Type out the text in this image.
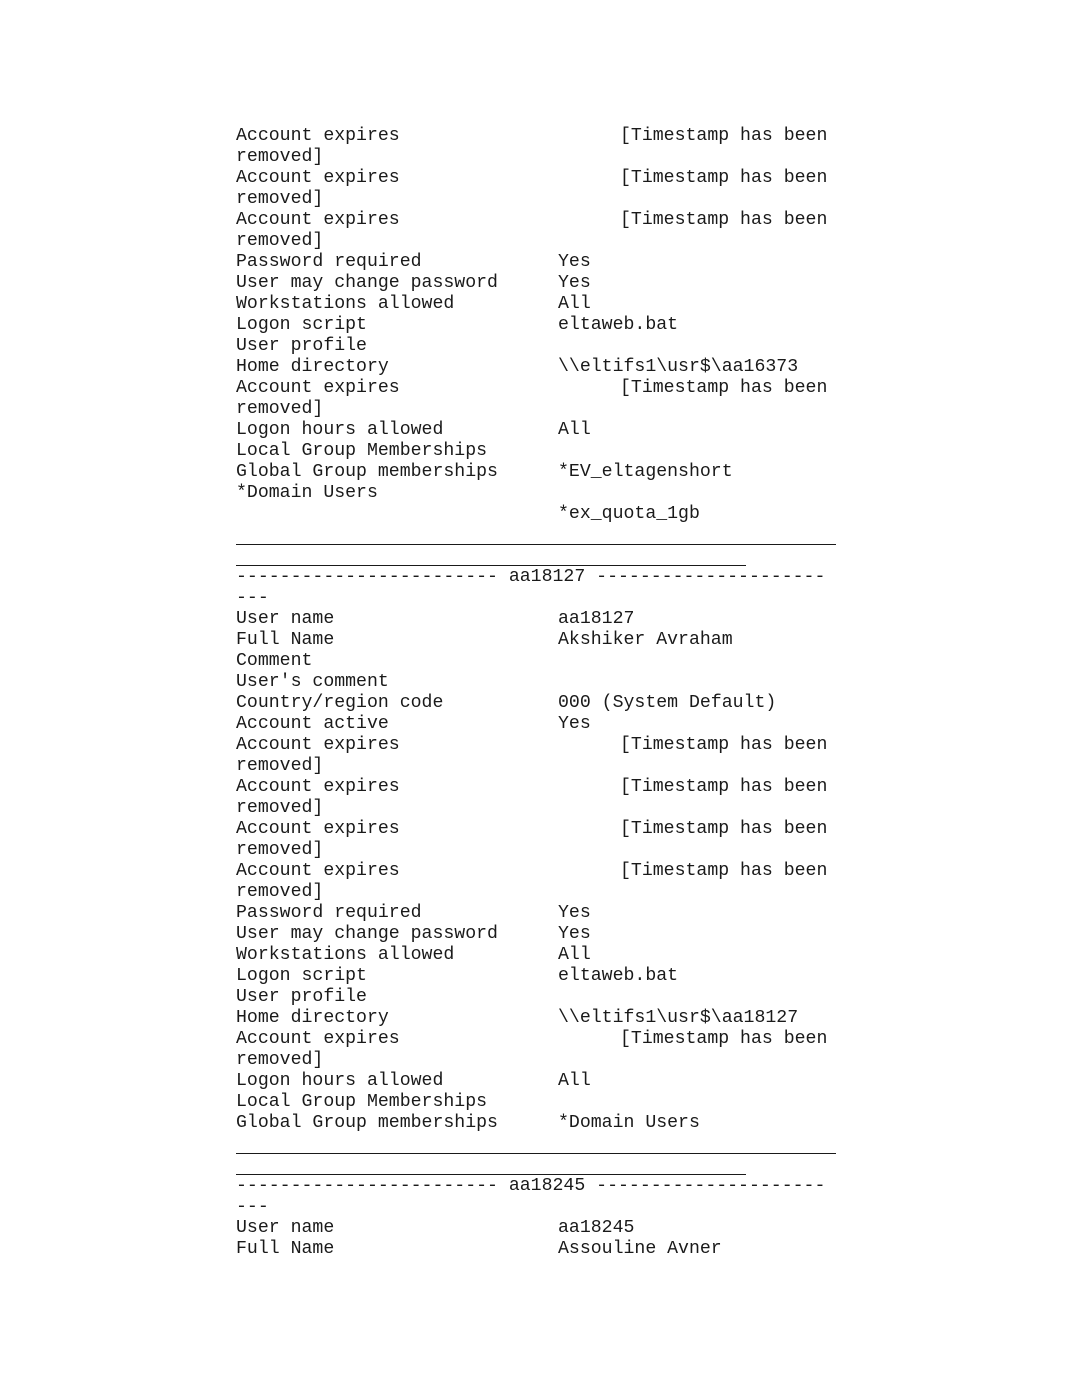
Account expires	[Timestamp has been
removed]
Account expires	[Timestamp has been
removed]
Account expires	[Timestamp has been
removed]
Password required	Yes
User may change password	Yes
Workstations allowed	All
Logon script	eltaweb.bat
User profile
Home directory	\\eltifs1\usr$\aa16373
Account expires	[Timestamp has been
removed]
Logon hours allowed	All
Local Group Memberships
Global Group memberships	*EV_eltagenshort
*Domain Users
*ex_quota_1gb
------------------------ aa18127 ---------------------
---
User name	aa18127
Full Name	Akshiker Avraham
Comment
User's comment
Country/region code	000 (System Default)
Account active	Yes
Account expires	[Timestamp has been
removed]
Account expires	[Timestamp has been
removed]
Account expires	[Timestamp has been
removed]
Account expires	[Timestamp has been
removed]
Password required	Yes
User may change password	Yes
Workstations allowed	All
Logon script	eltaweb.bat
User profile
Home directory	\\eltifs1\usr$\aa18127
Account expires	[Timestamp has been
removed]
Logon hours allowed	All
Local Group Memberships
Global Group memberships	*Domain Users
------------------------ aa18245 ---------------------
---
User name	aa18245
Full Name	Assouline Avner
